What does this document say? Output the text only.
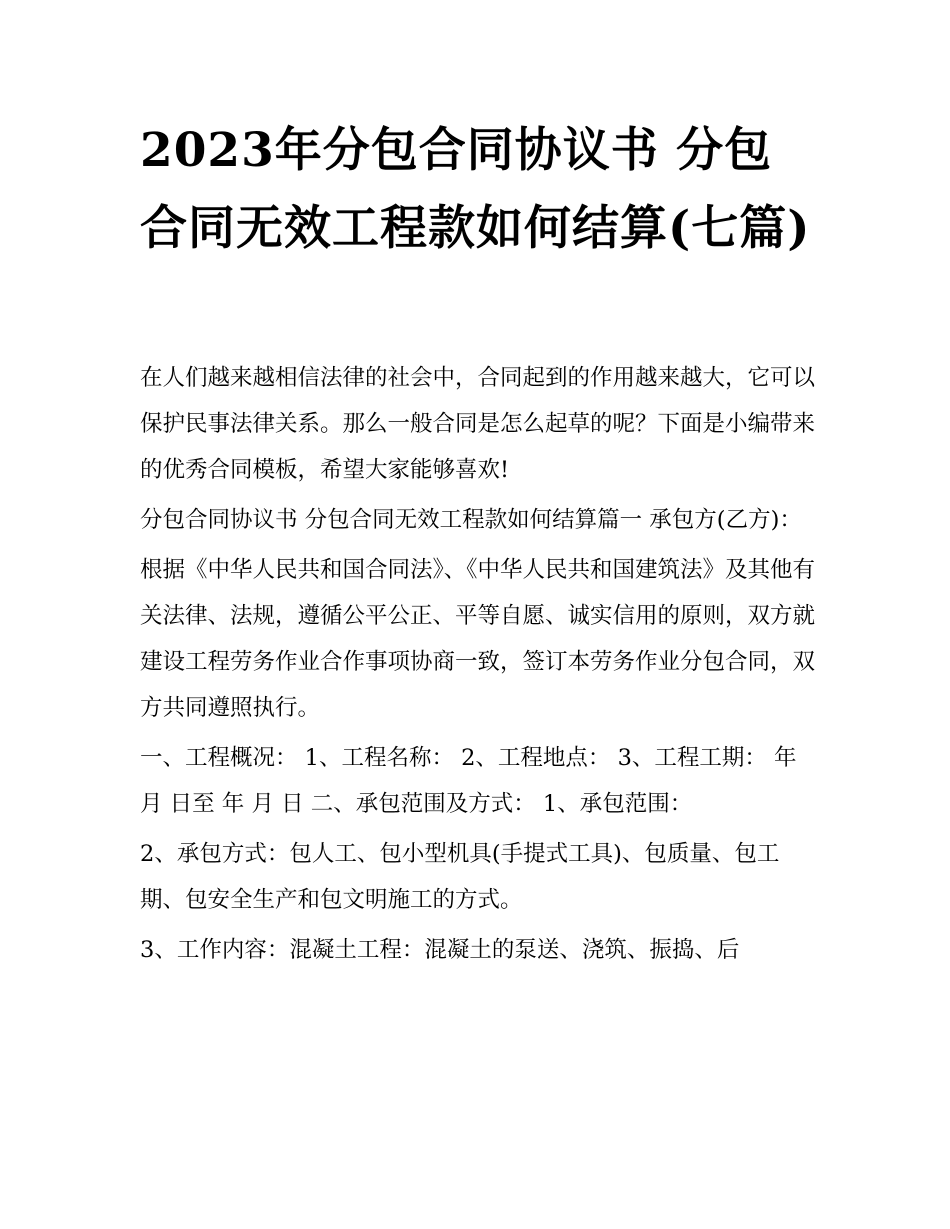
2023年分包合同协议书 分包合同无效工程款如何结算(七篇)

在人们越来越相信法律的社会中，合同起到的作用越来越大，它可以保护民事法律关系。那么一般合同是怎么起草的呢？下面是小编带来的优秀合同模板，希望大家能够喜欢!

分包合同协议书 分包合同无效工程款如何结算篇一 承包方(乙方)：

根据《中华人民共和国合同法》、《中华人民共和国建筑法》及其他有关法律、法规，遵循公平公正、平等自愿、诚实信用的原则，双方就建设工程劳务作业合作事项协商一致，签订本劳务作业分包合同，双方共同遵照执行。

一、工程概况： 1、工程名称： 2、工程地点： 3、工程工期： 年 月 日至 年 月 日 二、承包范围及方式： 1、承包范围：

2、承包方式：包人工、包小型机具(手提式工具)、包质量、包工期、包安全生产和包文明施工的方式。

3、工作内容：混凝土工程：混凝土的泵送、浇筑、振捣、后
